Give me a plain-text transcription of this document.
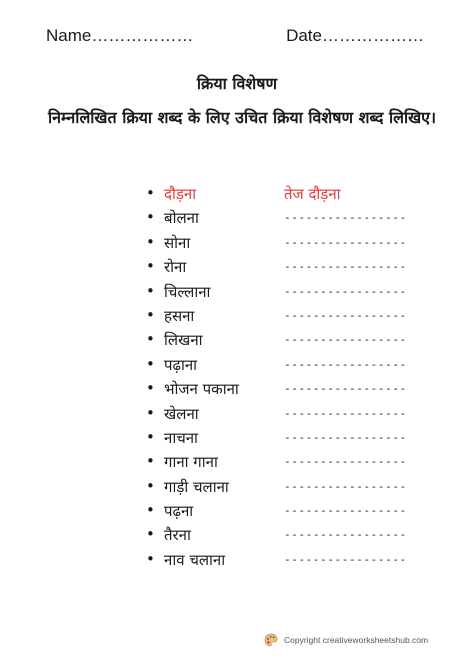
Name………………	Date………………
क्रिया विशेषण
निम्नलिखित क्रिया शब्द के लिए उचित क्रिया विशेषण शब्द लिखिए।
• दौड़ना	तेज दौड़ना
• बोलना	-----------------
• सोना	-----------------
• रोना	-----------------
• चिल्लाना	-----------------
• हसना	-----------------
• लिखना	-----------------
• पढ़ाना	-----------------
• भोजन पकाना	-----------------
• खेलना	-----------------
• नाचना	-----------------
• गाना गाना	-----------------
• गाड़ी चलाना	-----------------
• पढ़ना	-----------------
• तैरना	-----------------
• नाव चलाना	-----------------
Copyright creativeworksheetshub.com
